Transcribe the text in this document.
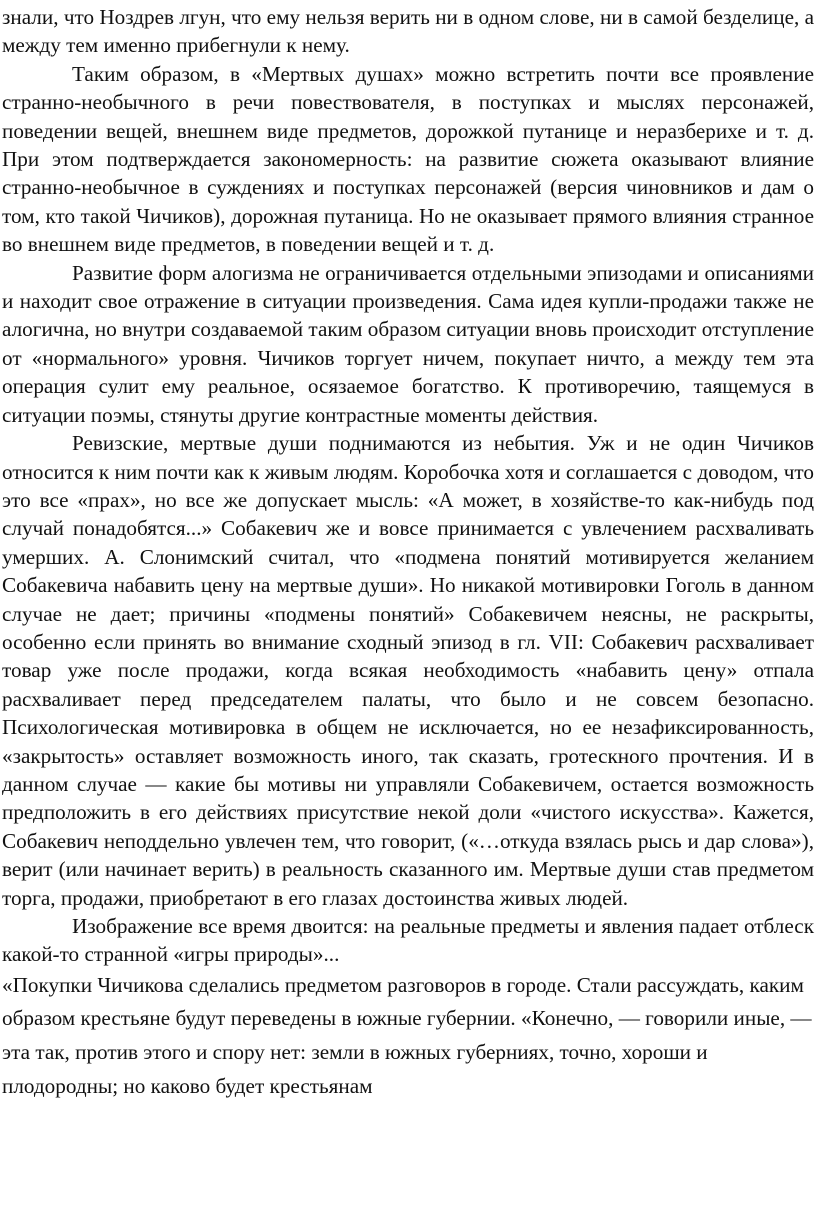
знали, что Ноздрев лгун, что ему нельзя верить ни в одном слове, ни в самой безделице, а между тем именно прибегнули к нему.

Таким образом, в «Мертвых душах» можно встретить почти все проявление странно-необычного в речи повествователя, в поступках и мыслях персонажей, поведении вещей, внешнем виде предметов, дорожкой путанице и неразберихе и т. д. При этом подтверждается закономерность: на развитие сюжета оказывают влияние странно-необычное в суждениях и поступках персонажей (версия чиновников и дам о том, кто такой Чичиков), дорожная путаница. Но не оказывает прямого влияния странное во внешнем виде предметов, в поведении вещей и т. д.

Развитие форм алогизма не ограничивается отдельными эпизодами и описаниями и находит свое отражение в ситуации произведения. Сама идея купли-продажи также не алогична, но внутри создаваемой таким образом ситуации вновь происходит отступление от «нормального» уровня. Чичиков торгует ничем, покупает ничто, а между тем эта операция сулит ему реальное, осязаемое богатство. К противоречию, таящемуся в ситуации поэмы, стянуты другие контрастные моменты действия.

Ревизские, мертвые души поднимаются из небытия. Уж и не один Чичиков относится к ним почти как к живым людям. Коробочка хотя и соглашается с доводом, что это все «прах», но все же допускает мысль: «А может, в хозяйстве-то как-нибудь под случай понадобятся...» Собакевич же и вовсе принимается с увлечением расхваливать умерших. А. Слонимский считал, что «подмена понятий мотивируется желанием Собакевича набавить цену на мертвые души». Но никакой мотивировки Гоголь в данном случае не дает; причины «подмены понятий» Собакевичем неясны, не раскрыты, особенно если принять во внимание сходный эпизод в гл. VII: Собакевич расхваливает товар уже после продажи, когда всякая необходимость «набавить цену» отпала расхваливает перед председателем палаты, что было и не совсем безопасно. Психологическая мотивировка в общем не исключается, но ее незафиксированность, «закрытость» оставляет возможность иного, так сказать, гротескного прочтения. И в данном случае — какие бы мотивы ни управляли Собакевичем, остается возможность предположить в его действиях присутствие некой доли «чистого искусства». Кажется, Собакевич неподдельно увлечен тем, что говорит, («…откуда взялась рысь и дар слова»), верит (или начинает верить) в реальность сказанного им. Мертвые души став предметом торга, продажи, приобретают в его глазах достоинства живых людей.

Изображение все время двоится: на реальные предметы и явления падает отблеск какой-то странной «игры природы»...

«Покупки Чичикова сделались предметом разговоров в городе. Стали рассуждать, каким образом крестьяне будут переведены в южные губернии. «Конечно, — говорили иные, — эта так, против этого и спору нет: земли в южных губерниях, точно, хороши и плодородны; но каково будет крестьянам
